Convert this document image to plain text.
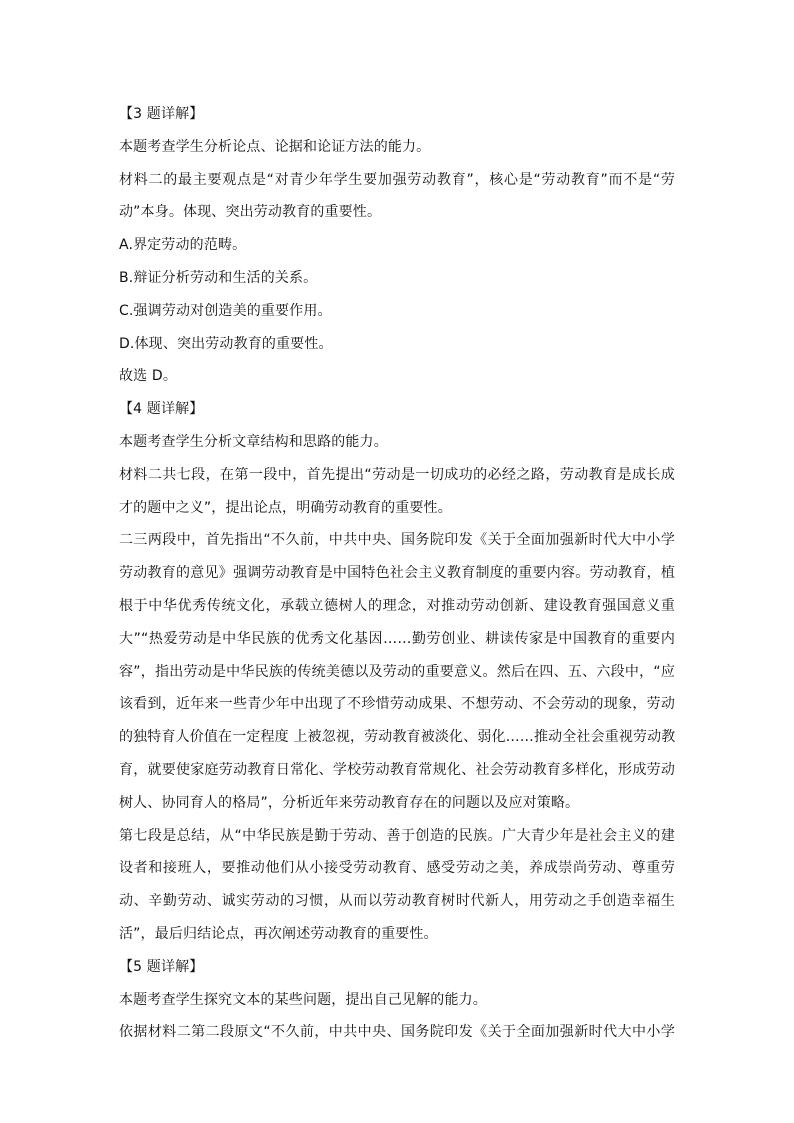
【3 题详解】
本题考查学生分析论点、论据和论证方法的能力。
材料二的最主要观点是“对青少年学生要加强劳动教育”，核心是“劳动教育”而不是“劳
动”本身。体现、突出劳动教育的重要性。
A.界定劳动的范畴。
B.辩证分析劳动和生活的关系。
C.强调劳动对创造美的重要作用。
D.体现、突出劳动教育的重要性。
故选 D。
【4 题详解】
本题考查学生分析文章结构和思路的能力。
材料二共七段，在第一段中，首先提出“劳动是一切成功的必经之路，劳动教育是成长成
才的题中之义”，提出论点，明确劳动教育的重要性。
二三两段中，首先指出“不久前，中共中央、国务院印发《关于全面加强新时代大中小学
劳动教育的意见》强调劳动教育是中国特色社会主义教育制度的重要内容。劳动教育，植
根于中华优秀传统文化，承载立德树人的理念，对推动劳动创新、建设教育强国意义重
大”“热爱劳动是中华民族的优秀文化基因……勤劳创业、耕读传家是中国教育的重要内
容”，指出劳动是中华民族的传统美德以及劳动的重要意义。然后在四、五、六段中，“应
该看到，近年来一些青少年中出现了不珍惜劳动成果、不想劳动、不会劳动的现象，劳动
的独特育人价值在一定程度 上被忽视，劳动教育被淡化、弱化……推动全社会重视劳动教
育，就要使家庭劳动教育日常化、学校劳动教育常规化、社会劳动教育多样化，形成劳动
树人、协同育人的格局”，分析近年来劳动教育存在的问题以及应对策略。
第七段是总结，从“中华民族是勤于劳动、善于创造的民族。广大青少年是社会主义的建
设者和接班人，要推动他们从小接受劳动教育、感受劳动之美，养成崇尚劳动、尊重劳
动、辛勤劳动、诚实劳动的习惯，从而以劳动教育树时代新人，用劳动之手创造幸福生
活”，最后归结论点，再次阐述劳动教育的重要性。
【5 题详解】
本题考查学生探究文本的某些问题，提出自己见解的能力。
依据材料二第二段原文“不久前，中共中央、国务院印发《关于全面加强新时代大中小学
